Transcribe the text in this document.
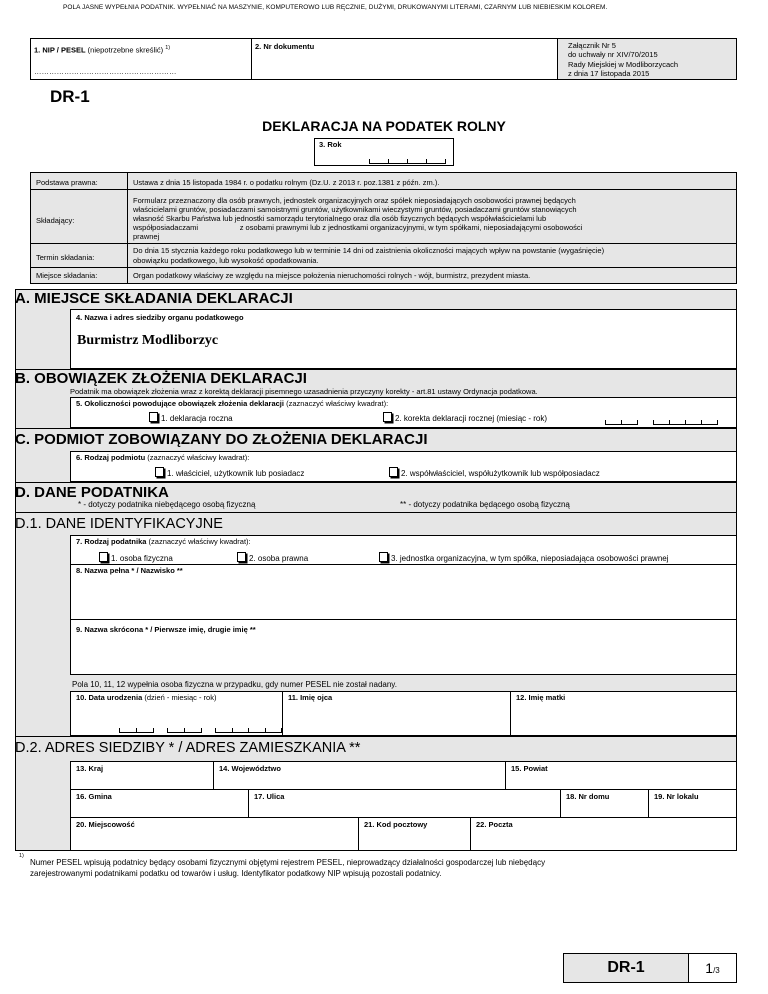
POLA JASNE WYPEŁNIA PODATNIK. WYPEŁNIAĆ NA MASZYNIE, KOMPUTEROWO LUB RĘCZNIE, DUŻYMI, DRUKOWANYMI LITERAMI, CZARNYM LUB NIEBIESKIM KOLOREM.
1. NIP / PESEL (niepotrzebne skreślić) $^{1)}$
…………………………………………………
2. Nr dokumentu	Załącznik Nr 5
do uchwały nr XIV/70/2015
Rady Miejskiej w Modliborzycach
z dnia 17 listopada 2015
DR-1
DEKLARACJA NA PODATEK ROLNY
3. Rok
Podstawa prawna:	Ustawa z dnia 15 listopada 1984 r. o podatku rolnym (Dz.U. z 2013 r. poz.1381 z późn. zm.).
Składający:
Formularz przeznaczony dla osób prawnych, jednostek organizacyjnych oraz spółek nieposiadających osobowości prawnej będących
właścicielami gruntów, posiadaczami samoistnymi gruntów, użytkownikami wieczystymi gruntów, posiadaczami gruntów stanowiących
własność Skarbu Państwa lub jednostki samorządu terytorialnego oraz dla osób fizycznych będących współwłaścicielami lub
współposiadaczami                    z osobami prawnymi lub z jednostkami organizacyjnymi, w tym spółkami, nieposiadającymi osobowości
prawnej
Termin składania:
Do dnia 15 stycznia każdego roku podatkowego lub w terminie 14 dni od zaistnienia okoliczności mających wpływ na powstanie (wygaśnięcie)
obowiązku podatkowego, lub wysokość opodatkowania.
Miejsce składania:	Organ podatkowy właściwy ze względu na miejsce położenia nieruchomości rolnych - wójt, burmistrz, prezydent miasta.
A. MIEJSCE SKŁADANIA DEKLARACJI
4. Nazwa i adres siedziby organu podatkowego
Burmistrz Modliborzyc
B. OBOWIĄZEK ZŁOŻENIA DEKLARACJI
Podatnik ma obowiązek złożenia wraz z korektą deklaracji pisemnego uzasadnienia przyczyny korekty - art.81 ustawy Ordynacja podatkowa.
5. Okoliczności powodujące obowiązek złożenia deklaracji (zaznaczyć właściwy kwadrat):
1. deklaracja roczna	2. korekta deklaracji rocznej (miesiąc - rok)
C. PODMIOT ZOBOWIĄZANY DO ZŁOŻENIA DEKLARACJI
6. Rodzaj podmiotu (zaznaczyć właściwy kwadrat):
1. właściciel, użytkownik lub posiadacz	2. współwłaściciel, współużytkownik lub współposiadacz
D. DANE PODATNIKA
* - dotyczy podatnika niebędącego osobą fizyczną	** - dotyczy podatnika będącego osobą fizyczną
D.1. DANE IDENTYFIKACYJNE
7. Rodzaj podatnika (zaznaczyć właściwy kwadrat):
1. osoba fizyczna	2. osoba prawna	3. jednostka organizacyjna, w tym spółka, nieposiadająca osobowości prawnej
8. Nazwa pełna * / Nazwisko **
9. Nazwa skrócona * / Pierwsze imię, drugie imię **
Pola 10, 11, 12 wypełnia osoba fizyczna w przypadku, gdy numer PESEL nie został nadany.
10. Data urodzenia (dzień - miesiąc - rok)	11. Imię ojca	12. Imię matki
D.2. ADRES SIEDZIBY * / ADRES ZAMIESZKANIA **
13. Kraj	14. Województwo	15. Powiat
16. Gmina	17. Ulica	18. Nr domu	19. Nr lokalu
20. Miejscowość	21. Kod pocztowy	22. Poczta
1)
Numer PESEL wpisują podatnicy będący osobami fizycznymi objętymi rejestrem PESEL, nieprowadzący działalności gospodarczej lub niebędący
zarejestrowanymi podatnikami podatku od towarów i usług. Identyfikator podatkowy NIP wpisują pozostali podatnicy.
DR-1	1/3
